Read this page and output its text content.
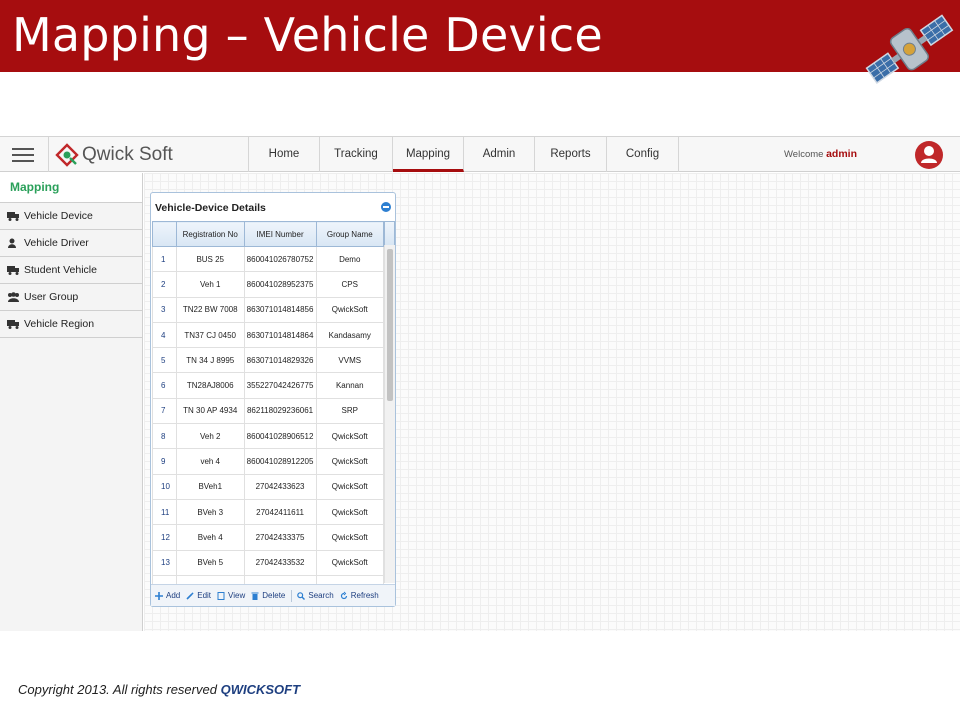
Mapping – Vehicle Device
Qwick Soft	Home	Tracking	Mapping	Admin	Reports	Config	Welcome admin
Mapping
Vehicle Device
Vehicle Driver
Student Vehicle
User Group
Vehicle Region
Vehicle-Device Details
	Registration No	IMEI Number	Group Name
1	BUS 25	860041026780752	Demo
2	Veh 1	860041028952375	CPS
3	TN22 BW 7008	863071014814856	QwickSoft
4	TN37 CJ 0450	863071014814864	Kandasamy
5	TN 34 J 8995	863071014829326	VVMS
6	TN28AJ8006	355227042426775	Kannan
7	TN 30 AP 4934	862118029236061	SRP
8	Veh 2	860041028906512	QwickSoft
9	veh 4	860041028912205	QwickSoft
10	BVeh1	27042433623	QwickSoft
11	BVeh 3	27042411611	QwickSoft
12	Bveh 4	27042433375	QwickSoft
13	BVeh 5	27042433532	QwickSoft

Add Edit View Delete	Search Refresh
Copyright 2013. All rights reserved QWICKSOFT
